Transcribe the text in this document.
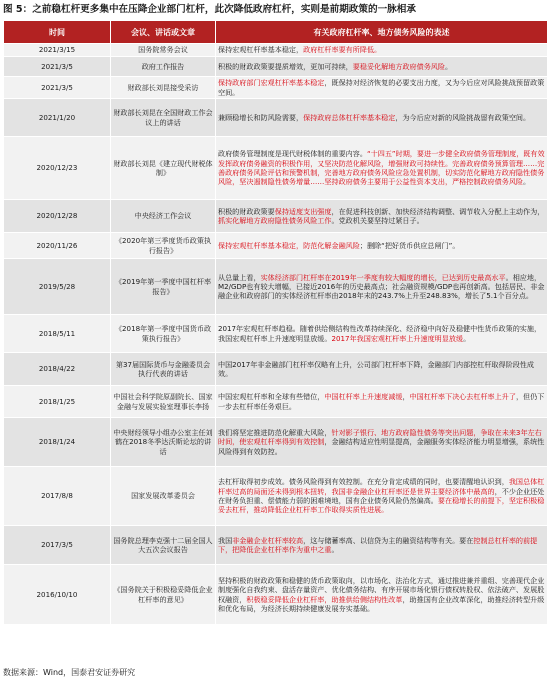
图 5：之前稳杠杆更多集中在压降企业部门杠杆，此次降低政府杠杆，实则是前期政策的一脉相承
时间	会议、讲话或文章	有关政府杠杆率、地方债务风险的表述
2021/3/15	国务院常务会议	保持宏观杠杆率基本稳定，政府杠杆率要有所降低。
2021/3/5	政府工作报告	积极的财政政策要提质增效，更加可持续，要稳妥化解地方政府债务风险。
2021/3/5	财政部长刘昆接受采访	保持政府部门宏观杠杆率基本稳定，既保持对经济恢复的必要支出力度，又为今后应对风险挑战预留政策空间。
2021/1/20	财政部长刘昆在全国财政工作会议上的讲话	兼顾稳增长和防风险需要，保持政府总体杠杆率基本稳定，为今后应对新的风险挑战留有政策空间。
2020/12/23	财政部长刘昆《建立现代财税体制》	政府债务管理制度是现代财税体制的重要内容。“十四五”时期，要进一步健全政府债务管理制度，既有效发挥政府债务融资的积极作用，又坚决防范化解风险，增强财政可持续性。完善政府债务预算管理……完善政府债务风险评估和预警机制，完善地方政府债务风险应急处置机制，切实防范化解地方政府隐性债务风险，坚决遏制隐性债务增量……坚持政府债务主要用于公益性资本支出，严格控制政府债务风险。
2020/12/28	中央经济工作会议	积极的财政政策要保持适度支出强度，在促进科技创新、加快经济结构调整、调节收入分配上主动作为，抓实化解地方政府隐性债务风险工作。党政机关要坚持过紧日子。
2020/11/26	《2020年第三季度货币政策执行报告》	保持宏观杠杆率基本稳定，防范化解金融风险；删除“把好货币供应总闸门”。
2019/5/28	《2019年第一季度中国杠杆率报告》	从总量上看，实体经济部门杠杆率在2019年一季度有较大幅度的增长，已达到历史最高水平。相应地，M2/GDP也有较大增幅，已接近2016年的历史最高点；社会融资规模/GDP也再创新高。包括居民、非金融企业和政府部门的实体经济杠杆率由2018年末的243.7%上升至248.83%，增长了5.1个百分点。
2018/5/11	《2018年第一季度中国货币政策执行报告》	2017年宏观杠杆率趋稳。随着供给侧结构性改革持续深化、经济稳中向好及稳健中性货币政策的实施，我国宏观杠杆率上升速度明显放缓。2017年我国宏观杠杆率上升速度明显放缓。
2018/4/22	第37届国际货币与金融委员会执行代表的讲话	中国2017年非金融部门杠杆率仅略有上升，公司部门杠杆率下降，金融部门内部控杠杆取得阶段性成效。
2018/1/25	中国社会科学院原副院长、国家金融与发展实验室理事长李扬	中国宏观杠杆率和全球有些错位，中国杠杆率上升速度减缓，中国杠杆率下决心去杠杆率上升了，但仍下一步去杠杆率任务艰巨。
2018/1/24	中央财经领导小组办公室主任刘鹤在2018冬季达沃斯论坛的讲话	我们将坚定推进防范化解重大风险，针对影子银行、地方政府隐性债务等突出问题，争取在未来3年左右时间，使宏观杠杆率得到有效控制，金融结构适应性明显提高，金融服务实体经济能力明显增强，系统性风险得到有效防控。
2017/8/8	国家发展改革委员会	去杠杆取得初步成效。债务风险得到有效控制。在充分肯定成绩的同时，也要清醒地认识到，我国总体杠杆率过高的局面还未得到根本扭转，我国非金融企业杠杆率还是世界主要经济体中最高的，不少企业还处在财务负担重、偿债能力弱的困难境地，国有企业债务风险仍然偏高。要在稳增长的前提下，坚定积极稳妥去杠杆，推动降低企业杠杆率工作取得实质性进展。
2017/3/5	国务院总理李克强十二届全国人大五次会议报告	我国非金融企业杠杆率较高，这与储蓄率高、以信贷为主的融资结构等有关。要在控制总杠杆率的前提下，把降低企业杠杆率作为重中之重。
2016/10/10	《国务院关于积极稳妥降低企业杠杆率的意见》	坚持积极的财政政策和稳健的货币政策取向，以市场化、法治化方式，通过推进兼并重组、完善现代企业制度强化自我约束、盘活存量资产、优化债务结构、有序开展市场化银行债权转股权、依法破产、发展股权融资，积极稳妥降低企业杠杆率，助推供给侧结构性改革，助推国有企业改革深化，助推经济转型升级和优化布局，为经济长期持续健康发展夯实基础。
数据来源：Wind，国泰君安证券研究
